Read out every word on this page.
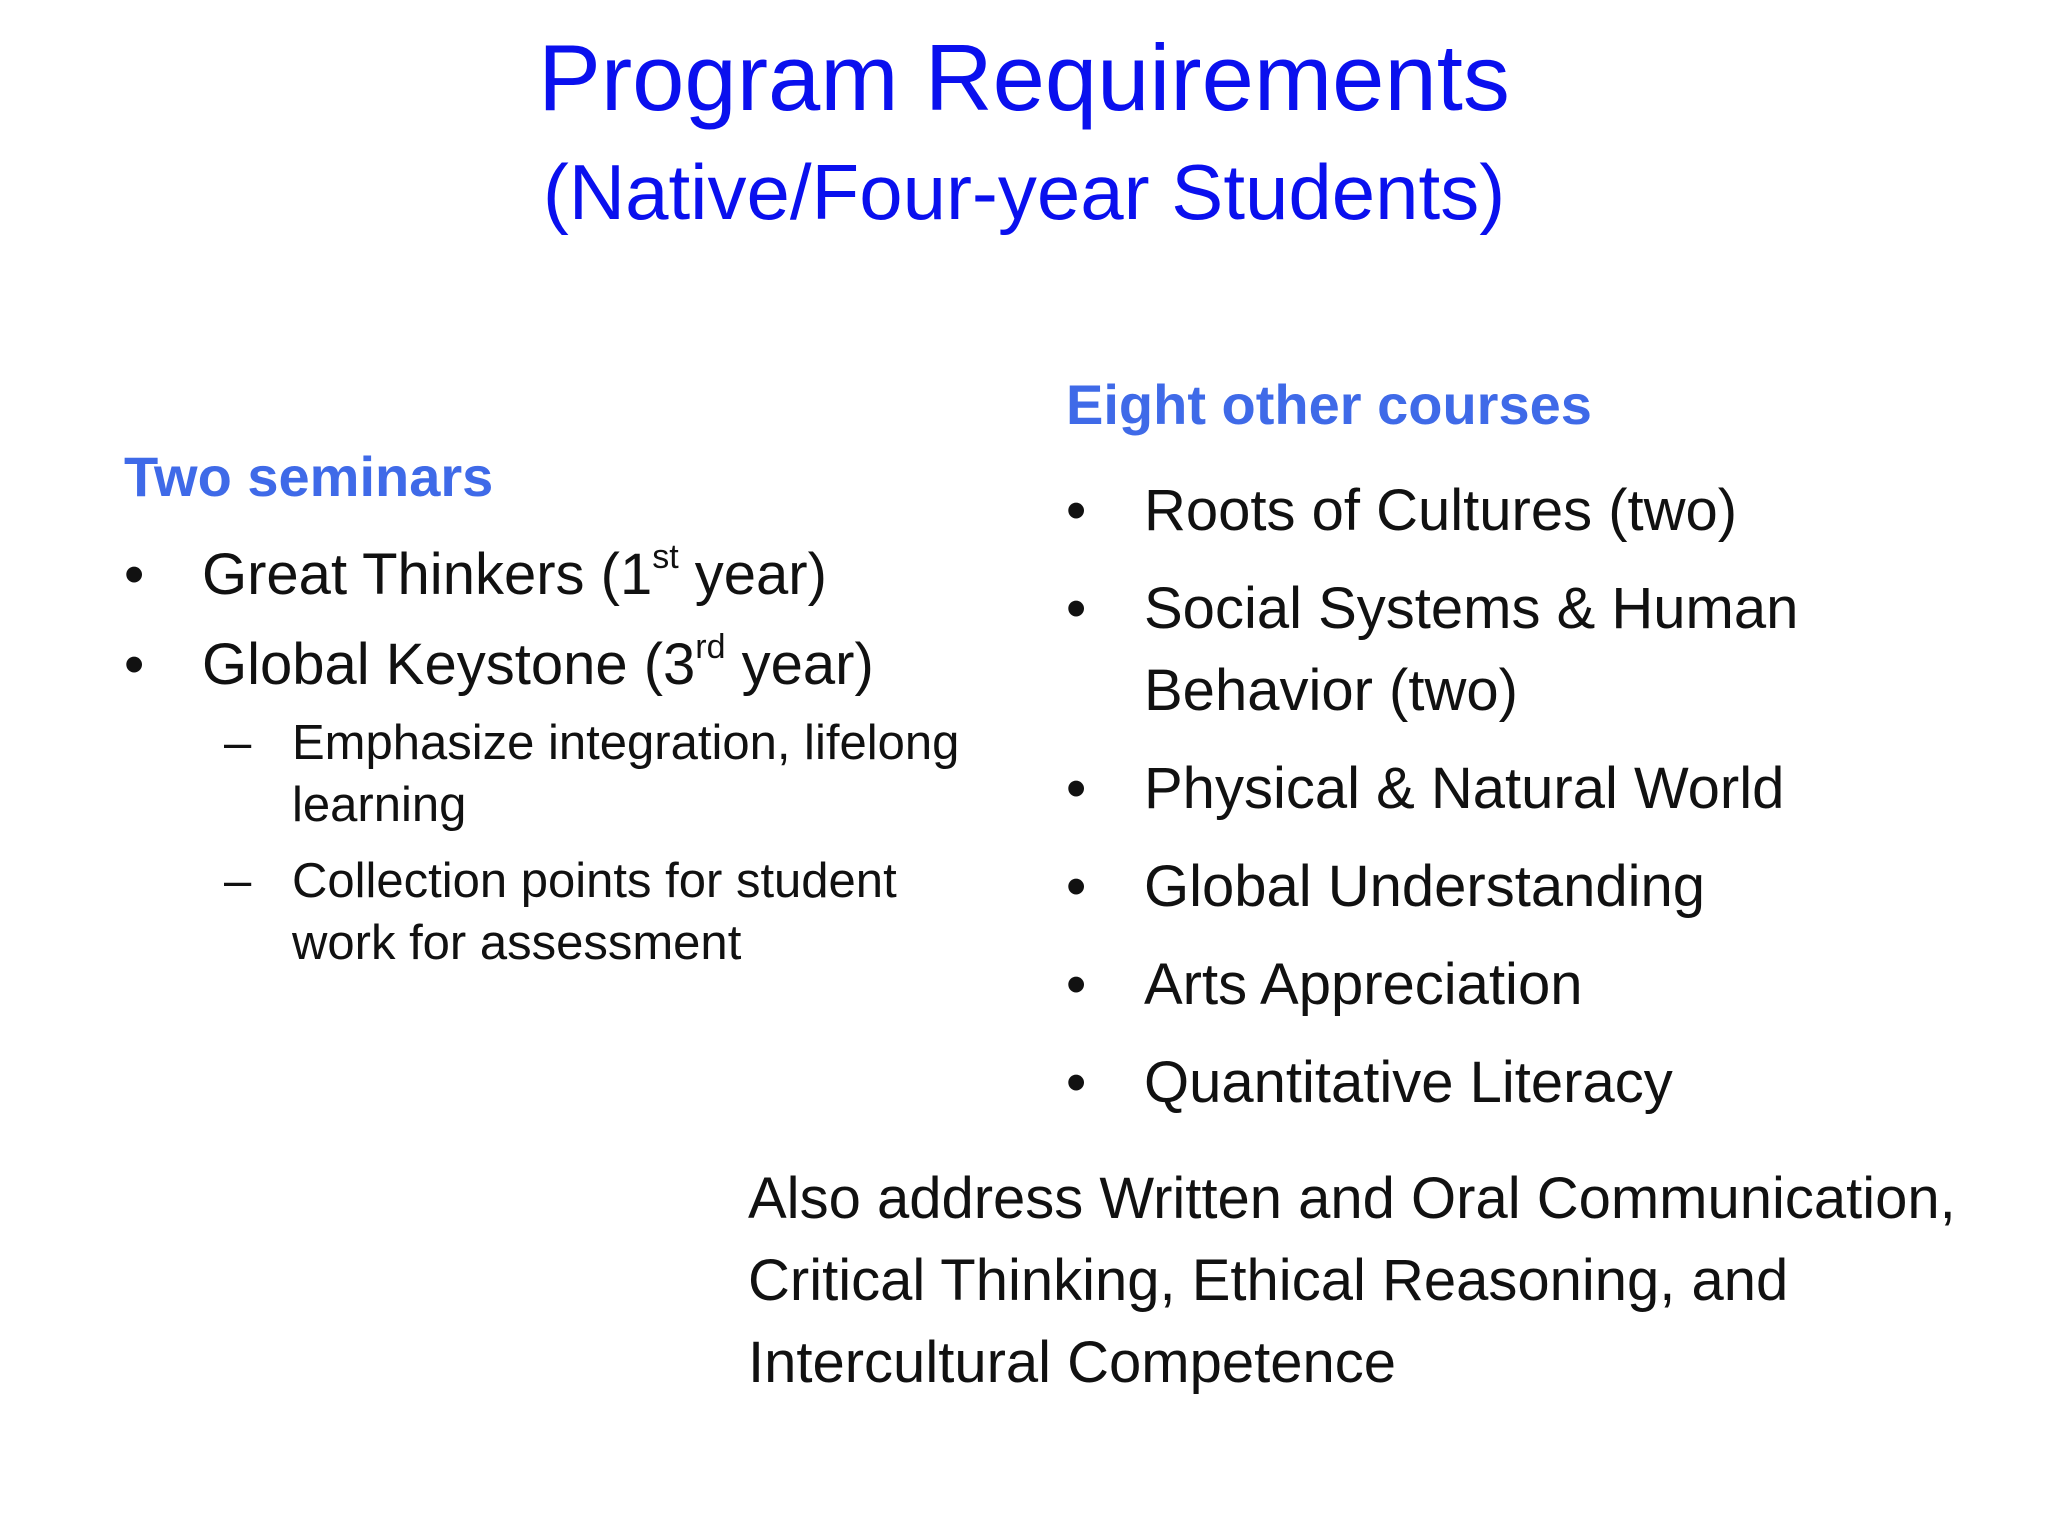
Program Requirements
(Native/Four-year Students)
Two seminars
• Great Thinkers (1st year)
• Global Keystone (3rd year)
– Emphasize integration, lifelong learning
– Collection points for student work for assessment
Eight other courses
• Roots of Cultures (two)
• Social Systems & Human Behavior (two)
• Physical & Natural World
• Global Understanding
• Arts Appreciation
• Quantitative Literacy

Also address Written and Oral Communication,
Critical Thinking, Ethical Reasoning, and
Intercultural Competence
